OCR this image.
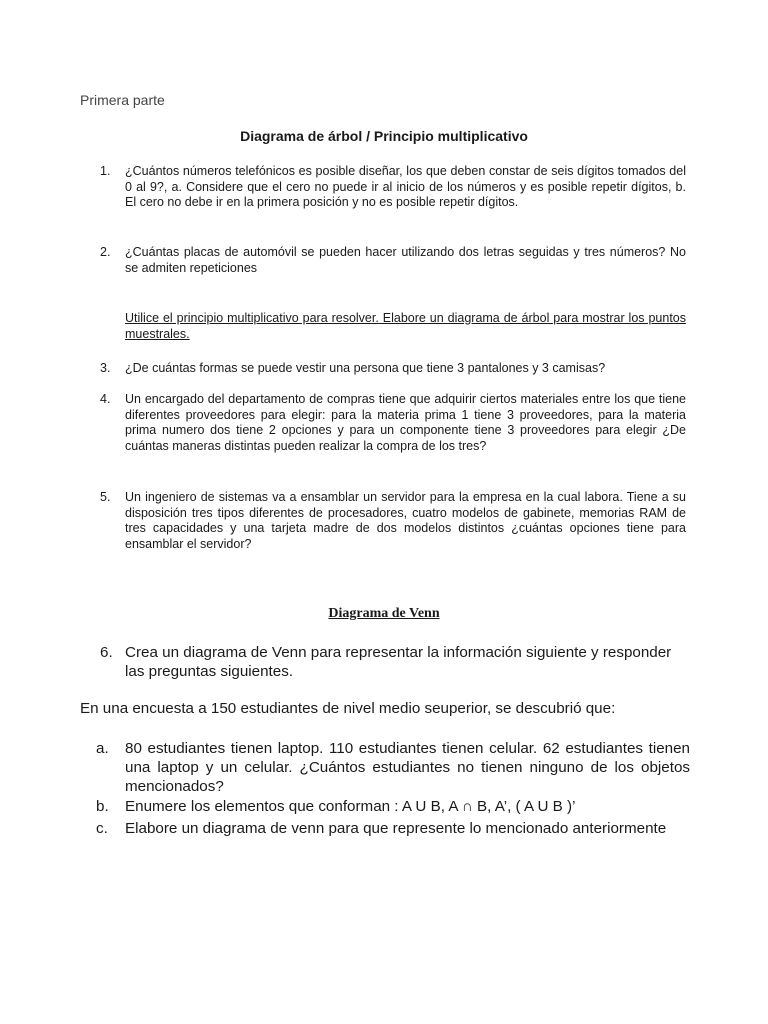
Primera parte
Diagrama de árbol / Principio multiplicativo
1.	¿Cuántos números telefónicos es posible diseñar, los que deben constar de seis dígitos tomados del 0 al 9?, a. Considere que el cero no puede ir al inicio de los números y es posible repetir dígitos, b. El cero no debe ir en la primera posición y no es posible repetir dígitos.
2.	¿Cuántas placas de automóvil se pueden hacer utilizando dos letras seguidas y tres números? No se admiten repeticiones
Utilice el principio multiplicativo para resolver. Elabore un diagrama de árbol para mostrar los puntos muestrales.
3.	¿De cuántas formas se puede vestir una persona que tiene 3 pantalones y 3 camisas?
4.	Un encargado del departamento de compras tiene que adquirir ciertos materiales entre los que tiene diferentes proveedores para elegir: para la materia prima 1 tiene 3 proveedores, para la materia prima numero dos tiene 2 opciones y para un componente tiene 3 proveedores para elegir ¿De cuántas maneras distintas pueden realizar la compra de los tres?
5.	Un ingeniero de sistemas va a ensamblar un servidor para la empresa en la cual labora. Tiene a su disposición tres tipos diferentes de procesadores, cuatro modelos de gabinete, memorias RAM de tres capacidades y una tarjeta madre de dos modelos distintos ¿cuántas opciones tiene para ensamblar el servidor?
Diagrama de Venn
6. Crea un diagrama de Venn para representar la información siguiente y responder las preguntas siguientes.
En una encuesta a 150 estudiantes de nivel medio seuperior, se descubrió que:
a.	80 estudiantes tienen laptop. 110 estudiantes tienen celular. 62 estudiantes tienen una laptop y un celular. ¿Cuántos estudiantes no tienen ninguno de los objetos mencionados?
b.	Enumere los elementos que conforman : A U B, A ∩ B, A’, ( A U B )’
c.	Elabore un diagrama de venn para que represente lo mencionado anteriormente
